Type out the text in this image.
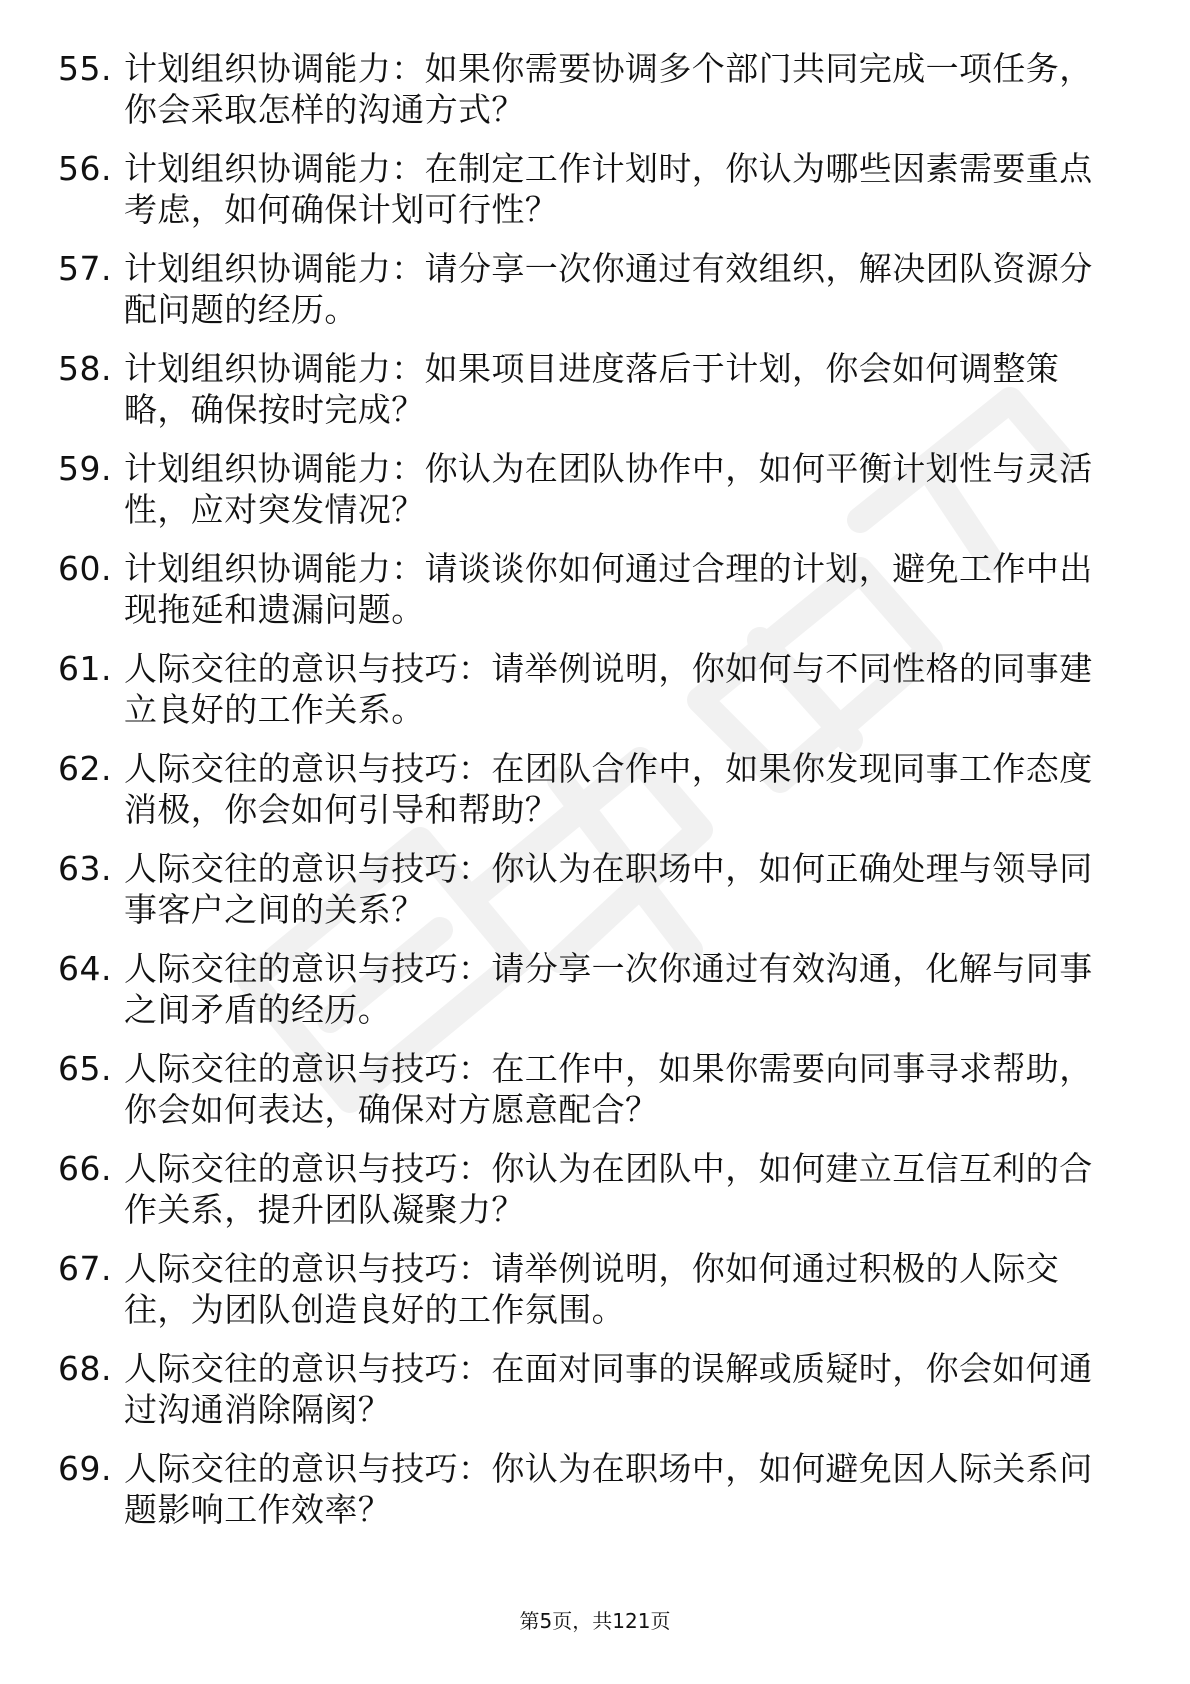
55. 计划组织协调能力：如果你需要协调多个部门共同完成一项任务，你会采取怎样的沟通方式？
56. 计划组织协调能力：在制定工作计划时，你认为哪些因素需要重点考虑，如何确保计划可行性？
57. 计划组织协调能力：请分享一次你通过有效组织，解决团队资源分配问题的经历。
58. 计划组织协调能力：如果项目进度落后于计划，你会如何调整策略，确保按时完成？
59. 计划组织协调能力：你认为在团队协作中，如何平衡计划性与灵活性，应对突发情况？
60. 计划组织协调能力：请谈谈你如何通过合理的计划，避免工作中出现拖延和遗漏问题。
61. 人际交往的意识与技巧：请举例说明，你如何与不同性格的同事建立良好的工作关系。
62. 人际交往的意识与技巧：在团队合作中，如果你发现同事工作态度消极，你会如何引导和帮助？
63. 人际交往的意识与技巧：你认为在职场中，如何正确处理与领导同事客户之间的关系？
64. 人际交往的意识与技巧：请分享一次你通过有效沟通，化解与同事之间矛盾的经历。
65. 人际交往的意识与技巧：在工作中，如果你需要向同事寻求帮助，你会如何表达，确保对方愿意配合？
66. 人际交往的意识与技巧：你认为在团队中，如何建立互信互利的合作关系，提升团队凝聚力？
67. 人际交往的意识与技巧：请举例说明，你如何通过积极的人际交往，为团队创造良好的工作氛围。
68. 人际交往的意识与技巧：在面对同事的误解或质疑时，你会如何通过沟通消除隔阂？
69. 人际交往的意识与技巧：你认为在职场中，如何避免因人际关系问题影响工作效率？
第5页，共121页
